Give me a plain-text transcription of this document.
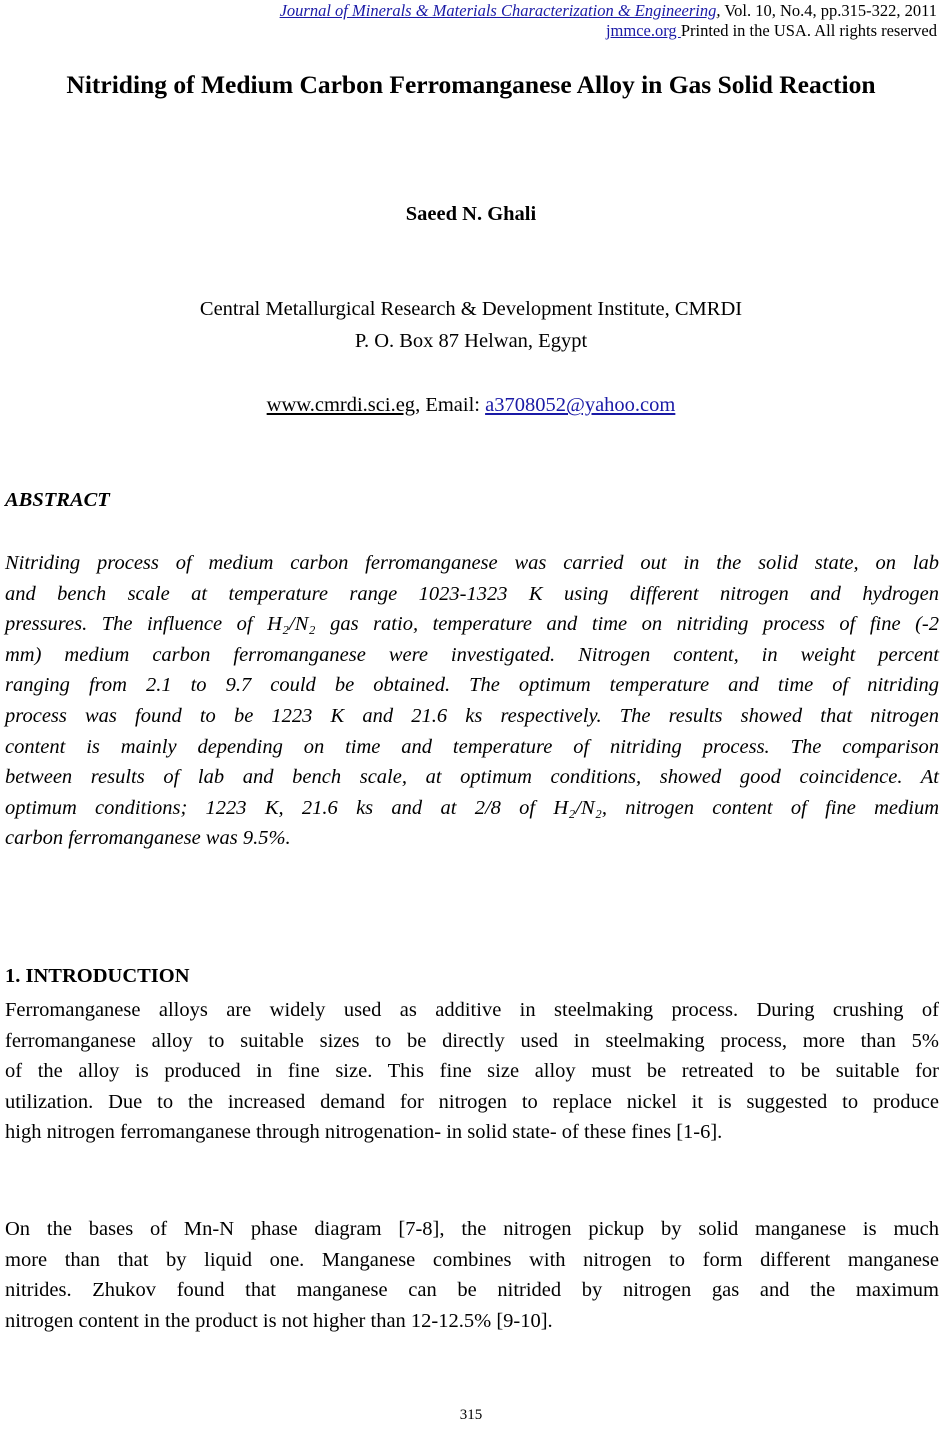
Journal of Minerals & Materials Characterization & Engineering, Vol. 10, No.4, pp.315-322, 2011
jmmce.org Printed in the USA. All rights reserved
Nitriding of Medium Carbon Ferromanganese Alloy in Gas Solid Reaction
Saeed N. Ghali
Central Metallurgical Research & Development Institute, CMRDI
P. O. Box 87 Helwan, Egypt
www.cmrdi.sci.eg, Email: a3708052@yahoo.com
ABSTRACT
Nitriding process of medium carbon ferromanganese was carried out in the solid state, on lab
and bench scale at temperature range 1023-1323 K using different nitrogen and hydrogen
pressures. The influence of H₂/N₂ gas ratio, temperature and time on nitriding process of fine (-2
mm) medium carbon ferromanganese were investigated. Nitrogen content, in weight percent
ranging from 2.1 to 9.7 could be obtained. The optimum temperature and time of nitriding
process was found to be 1223 K and 21.6 ks respectively. The results showed that nitrogen
content is mainly depending on time and temperature of nitriding process. The comparison
between results of lab and bench scale, at optimum conditions, showed good coincidence. At
optimum conditions; 1223 K, 21.6 ks and at 2/8 of H₂/N₂, nitrogen content of fine medium
carbon ferromanganese was 9.5%.
1. INTRODUCTION
Ferromanganese alloys are widely used as additive in steelmaking process. During crushing of
ferromanganese alloy to suitable sizes to be directly used in steelmaking process, more than 5%
of the alloy is produced in fine size. This fine size alloy must be retreated to be suitable for
utilization. Due to the increased demand for nitrogen to replace nickel it is suggested to produce
high nitrogen ferromanganese through nitrogenation- in solid state- of these fines [1-6].
On the bases of Mn-N phase diagram [7-8], the nitrogen pickup by solid manganese is much
more than that by liquid one. Manganese combines with nitrogen to form different manganese
nitrides. Zhukov found that manganese can be nitrided by nitrogen gas and the maximum
nitrogen content in the product is not higher than 12-12.5% [9-10].
315
